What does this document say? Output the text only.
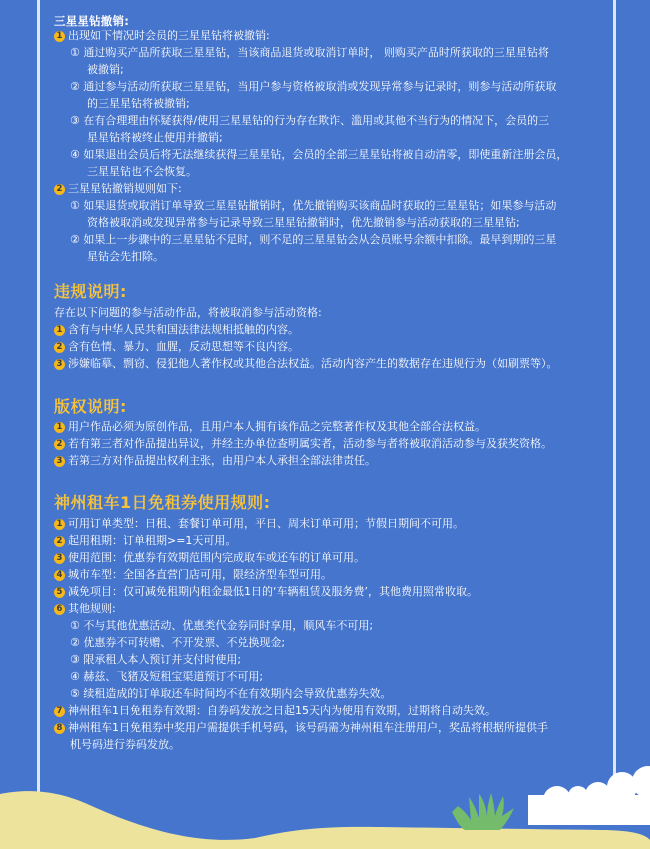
三星星钻撤销:
1 出现如下情况时会员的三星星钻将被撤销:
① 通过购买产品所获取三星星钻，当该商品退货或取消订单时， 则购买产品时所获取的三星星钻将
被撤销;
② 通过参与活动所获取三星星钻，当用户参与资格被取消或发现异常参与记录时，则参与活动所获取
的三星星钻将被撤销;
③ 在有合理理由怀疑获得/使用三星星钻的行为存在欺诈、滥用或其他不当行为的情况下，会员的三
星星钻将被终止使用并撤销;
④ 如果退出会员后将无法继续获得三星星钻，会员的全部三星星钻将被自动清零，即使重新注册会员，
三星星钻也不会恢复。
2 三星星钻撤销规则如下:
① 如果退货或取消订单导致三星星钻撤销时，优先撤销购买该商品时获取的三星星钻；如果参与活动
资格被取消或发现异常参与记录导致三星星钻撤销时，优先撤销参与活动获取的三星星钻;
② 如果上一步骤中的三星星钻不足时，则不足的三星星钻会从会员账号余额中扣除。最早到期的三星
星钻会先扣除。
违规说明:
存在以下问题的参与活动作品，将被取消参与活动资格:
1 含有与中华人民共和国法律法规相抵触的内容。
2 含有色情、暴力、血腥，反动思想等不良内容。
3 涉嫌临摹、剽窃、侵犯他人著作权或其他合法权益。活动内容产生的数据存在违规行为（如刷票等）。
版权说明:
1 用户作品必须为原创作品，且用户本人拥有该作品之完整著作权及其他全部合法权益。
2 若有第三者对作品提出异议，并经主办单位查明属实者，活动参与者将被取消活动参与及获奖资格。
3 若第三方对作品提出权利主张，由用户本人承担全部法律责任。
神州租车1日免租券使用规则:
1 可用订单类型：日租、套餐订单可用，平日、周末订单可用；节假日期间不可用。
2 起用租期：订单租期>=1天可用。
3 使用范围：优惠券有效期范围内完成取车或还车的订单可用。
4 城市车型：全国各直营门店可用，限经济型车型可用。
5 减免项目：仅可减免租期内租金最低1日的‘车辆租赁及服务费’，其他费用照常收取。
6 其他规则:
① 不与其他优惠活动、优惠类代金券同时享用，顺风车不可用;
② 优惠券不可转赠、不开发票、不兑换现金;
③ 限承租人本人预订并支付时使用;
④ 赫兹、飞猪及短租宝渠道预订不可用;
⑤ 续租造成的订单取还车时间均不在有效期内会导致优惠券失效。
7 神州租车1日免租券有效期：自券码发放之日起15天内为使用有效期，过期将自动失效。
8 神州租车1日免租券中奖用户需提供手机号码，该号码需为神州租车注册用户，奖品将根据所提供手
机号码进行券码发放。
